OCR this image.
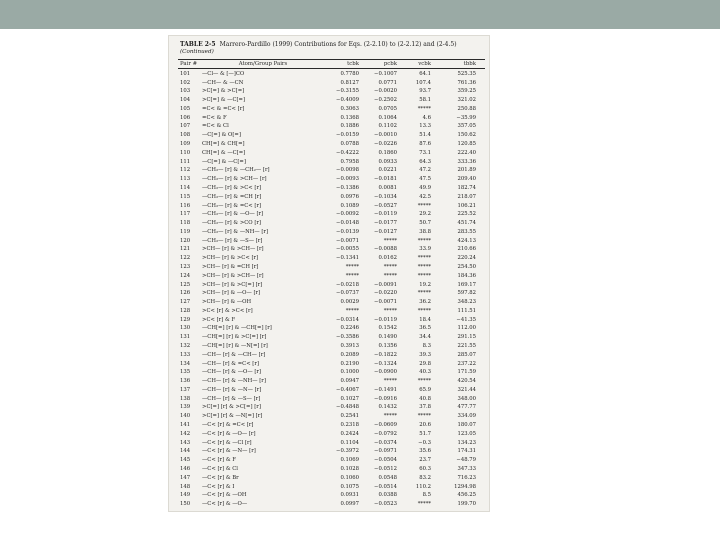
TABLE 2-5 Marrero-Pardillo (1999) Contributions for Eqs. (2-2.10) to (2-2.12) and (2-4.5)
(Continued)
Pair #	Atom/Group Pairs	tcbk	pcbk	vcbk	tbbk
101	—Cl— & [—]CO	0.7780	−0.1007	64.1	525.35
102	—CH— & —CN	0.8127	0.0771	107.4	761.36
103	>C[=] & >C[=]	−0.3155	−0.0020	93.7	359.25
104	>C[=] & —C[=]	−0.4009	−0.2502	58.1	321.02
105	=C< & =C< [r]	0.3063	0.0705	*****	250.88
106	=C< & F	0.1368	0.1064	4.6	−35.99
107	=C< & Cl	0.1886	0.1102	13.3	357.05
108	—C[=] & O[=]	−0.0159	−0.0010	51.4	150.62
109	CH[=] & CH[=]	0.0788	−0.0226	87.6	120.85
110	CH[=] & —C[=]	−0.4222	0.1860	73.1	222.40
111	—C[=] & —C[=]	0.7958	0.0933	64.3	333.36
112	—CH₂— [r] & —CH₂— [r]	−0.0098	0.0221	47.2	201.89
113	—CH₂— [r] & >CH— [r]	−0.0093	−0.0181	47.5	209.40
114	—CH₂— [r] & >C< [r]	−0.1386	0.0081	49.9	182.74
115	—CH₂— [r] & =CH [r]	0.0976	−0.1034	42.5	218.07
116	—CH₂— [r] & =C< [r]	0.1089	−0.0527	*****	106.21
117	—CH₂— [r] & —O— [r]	−0.0092	−0.0119	29.2	225.52
118	—CH₂— [r] & >CO [r]	−0.0148	−0.0177	50.7	451.74
119	—CH₂— [r] & —NH— [r]	−0.0139	−0.0127	38.8	283.55
120	—CH₂— [r] & —S— [r]	−0.0071	*****	*****	424.13
121	>CH— [r] & >CH— [r]	−0.0055	−0.0088	33.9	210.66
122	>CH— [r] & >C< [r]	−0.1341	0.0162	*****	220.24
123	>CH— [r] & =CH [r]	*****	*****	*****	254.50
124	>CH— [r] & >CH— [r]	*****	*****	*****	184.36
125	>CH— [r] & >C[=] [r]	−0.0218	−0.0091	19.2	169.17
126	>CH— [r] & —O— [r]	−0.0737	−0.0220	*****	597.82
127	>CH— [r] & —OH	0.0029	−0.0071	36.2	348.23
128	>C< [r] & >C< [r]	*****	*****	*****	111.51
129	>C< [r] & F	−0.0314	−0.0119	18.4	−41.35
130	—CH[=] [r] & —CH[=] [r]	0.2246	0.1542	36.5	112.00
131	—CH[=] [r] & >C[=] [r]	−0.3586	0.1490	34.4	291.15
132	—CH[=] [r] & —N[=] [r]	0.3913	0.1356	8.3	221.55
133	—CH— [r] & —CH— [r]	0.2089	−0.1822	39.3	285.07
134	—CH— [r] & =C< [r]	0.2190	−0.1324	29.8	237.22
135	—CH— [r] & —O— [r]	0.1000	−0.0900	40.3	171.59
136	—CH— [r] & —NH— [r]	0.0947	*****	*****	420.54
137	—CH— [r] & —N— [r]	−0.4067	−0.1491	65.9	321.44
138	—CH— [r] & —S— [r]	0.1027	−0.0916	40.8	348.00
139	>C[=] [r] & >C[=] [r]	−0.4848	0.1432	37.8	477.77
140	>C[=] [r] & —N[=] [r]	0.2541	*****	*****	334.09
141	—C< [r] & =C< [r]	0.2318	−0.0609	20.6	180.07
142	—C< [r] & —O— [r]	0.2424	−0.0792	51.7	123.05
143	—C< [r] & —Cl [r]	0.1104	−0.0374	−0.3	134.23
144	—C< [r] & —N— [r]	−0.3972	−0.0971	35.6	174.31
145	—C< [r] & F	0.1069	−0.0504	23.7	−48.79
146	—C< [r] & Cl	0.1028	−0.0512	60.3	347.33
147	—C< [r] & Br	0.1060	0.0548	83.2	716.23
148	—C< [r] & I	0.1075	−0.0514	110.2	1294.98
149	—C< [r] & —OH	0.0931	0.0388	8.5	456.25
150	—C< [r] & —O—	0.0997	−0.0523	*****	199.70
